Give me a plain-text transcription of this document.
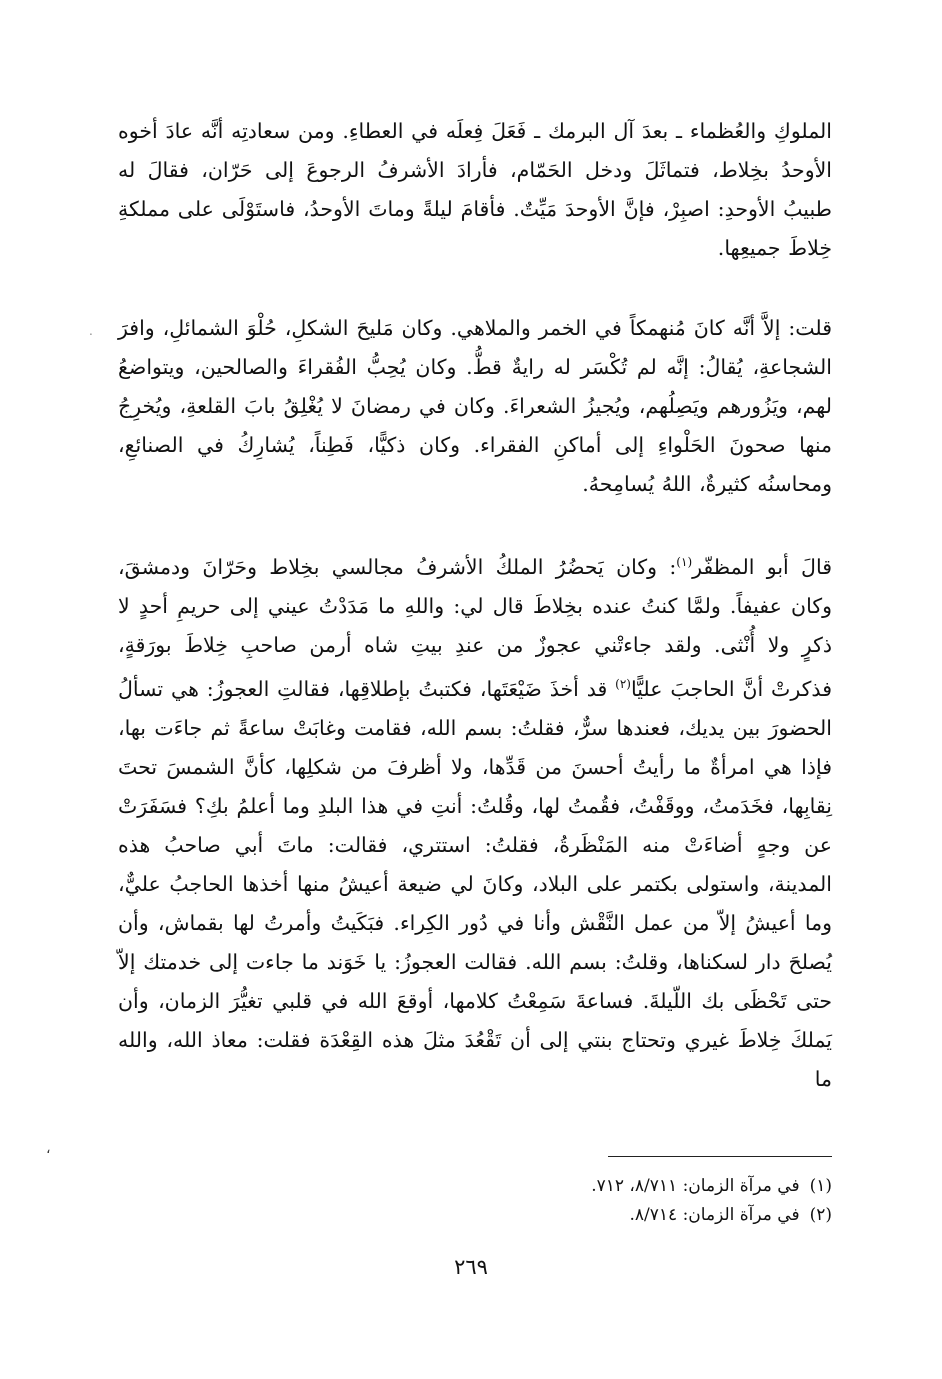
.

الملوكِ والعُظماء ـ بعدَ آل البرمك ـ فَعَلَ فِعلَه في العطاءِ. ومن سعادتِه أنَّه عادَ أخوه الأوحدُ بخِلاط، فتماثَلَ ودخل الحَمّام، فأرادَ الأشرفُ الرجوعَ إلى حَرّان، فقالَ له طبيبُ الأوحدِ: اصبِرْ، فإنَّ الأوحدَ مَيِّتٌ. فأقامَ ليلةً وماتَ الأوحدُ، فاستَوْلَى على مملكةِ خِلاطَ جميعِها.

قلت: إلاَّ أنَّه كانَ مُنهمكاً في الخمر والملاهي. وكان مَليحَ الشكلِ، حُلْوَ الشمائلِ، وافرَ الشجاعةِ، يُقالُ: إنَّه لم تُكْسَر له رايةٌ قطُّ. وكان يُحِبُّ الفُقراءَ والصالحين، ويتواضعُ لهم، ويَزُورهم ويَصِلُهم، ويُجيزُ الشعراءَ. وكان في رمضانَ لا يُغْلِقُ بابَ القلعةِ، ويُخرِجُ منها صحونَ الحَلْواءِ إلى أماكنِ الفقراء. وكان ذكيًّا، فَطِناً، يُشارِكُ في الصنائعِ، ومحاسنُه كثيرةٌ، اللهُ يُسامِحهُ.

قالَ أبو المظفّر$^{(١)}$: وكان يَحضُرُ الملكُ الأشرفُ مجالسي بخِلاط وحَرّانَ ودمشقَ، وكان عفيفاً. ولمَّا كنتُ عنده بخِلاطَ قال لي: واللهِ ما مَدَدْتُ عيني إلى حريمِ أحدٍ لا ذكرٍ ولا أُنْثى. ولقد جاءتْني عجوزٌ من عندِ بيتِ شاه أرمن صاحبِ خِلاطَ بورَقةٍ، فذكرتْ أنَّ الحاجبَ عليًّا$^{(٢)}$ قد أخذَ ضَيْعَتَها، فكتبتُ بإطلاقِها، فقالتِ العجوزُ: هي تسألُ الحضورَ بين يديك، فعندها سرٌّ، فقلتُ: بسم الله، فقامت وغابَتْ ساعةً ثم جاءَت بها، فإذا هي امرأةٌ ما رأيتُ أحسنَ من قَدِّها، ولا أظرفَ من شكلِها، كأنَّ الشمسَ تحتَ نِقابِها، فخَدَمتُ، ووقَفْتُ، فقُمتُ لها، وقُلتُ: أنتِ في هذا البلدِ وما أعلمُ بكِ؟ فسَفَرَتْ عن وجهٍ أضاءَتْ منه المَنْظَرةُ، فقلتُ: استتري، فقالت: ماتَ أبي صاحبُ هذه المدينة، واستولى بكتمر على البلاد، وكانَ لي ضيعة أعيشُ منها أخذها الحاجبُ عليٌّ، وما أعيشُ إلاّ من عمل النَّقْش وأنا في دُور الكِراء. فبَكَيتُ وأمرتُ لها بقماش، وأن يُصلحَ دار لسكناها، وقلتُ: بسم الله. فقالت العجوزُ: يا خَوَند ما جاءت إلى خدمتك إلاّ حتى تَحْظَى بك اللّيلةَ. فساعةَ سَمِعْتُ كلامها، أوقعَ الله في قلبي تغيُّرَ الزمان، وأن يَملكَ خِلاطَ غيري وتحتاج بنتي إلى أن تَقْعُدَ مثلَ هذه القِعْدَة فقلت: معاذ الله، والله ما

،

(١)في مرآة الزمان: ٨/٧١١، ٧١٢.

(٢)في مرآة الزمان: ٨/٧١٤.

٢٦٩
